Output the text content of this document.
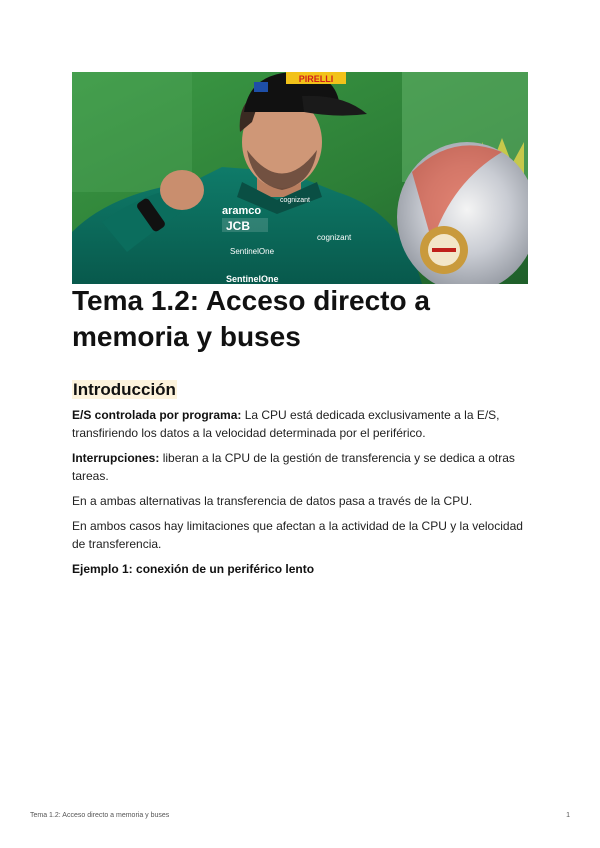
PIRELLI
aramco
JCB
cognizant
cognizant
SentinelOne
SentinelOne
Tema 1.2: Acceso directo a memoria y buses
Introducción

E/S controlada por programa: La CPU está dedicada exclusivamente a la E/S, transfiriendo los datos a la velocidad determinada por el periférico.

Interrupciones: liberan a la CPU de la gestión de transferencia y se dedica a otras tareas.

En a ambas alternativas la transferencia de datos pasa a través de la CPU.

En ambos casos hay limitaciones que afectan a la actividad de la CPU y la velocidad de transferencia.

Ejemplo 1: conexión de un periférico lento

Tema 1.2: Acceso directo a memoria y buses	1
